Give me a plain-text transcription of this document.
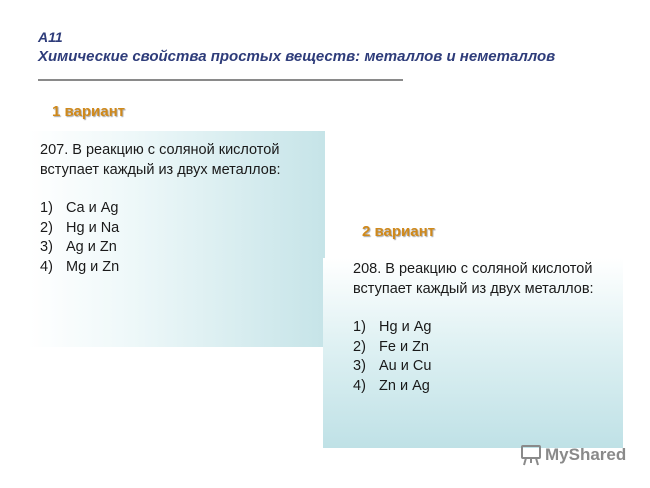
А11
Химические свойства простых веществ: металлов и неметаллов
1 вариант

207. В реакцию с соляной кислотой вступает каждый из двух металлов:

1) Ca и Ag
2) Hg и Na
3) Ag и Zn
4) Mg и Zn
2 вариант

208. В реакцию с соляной кислотой вступает каждый из двух металлов:

1) Hg и Ag
2) Fe и Zn
3) Au и Cu
4) Zn и Ag
MyShared
